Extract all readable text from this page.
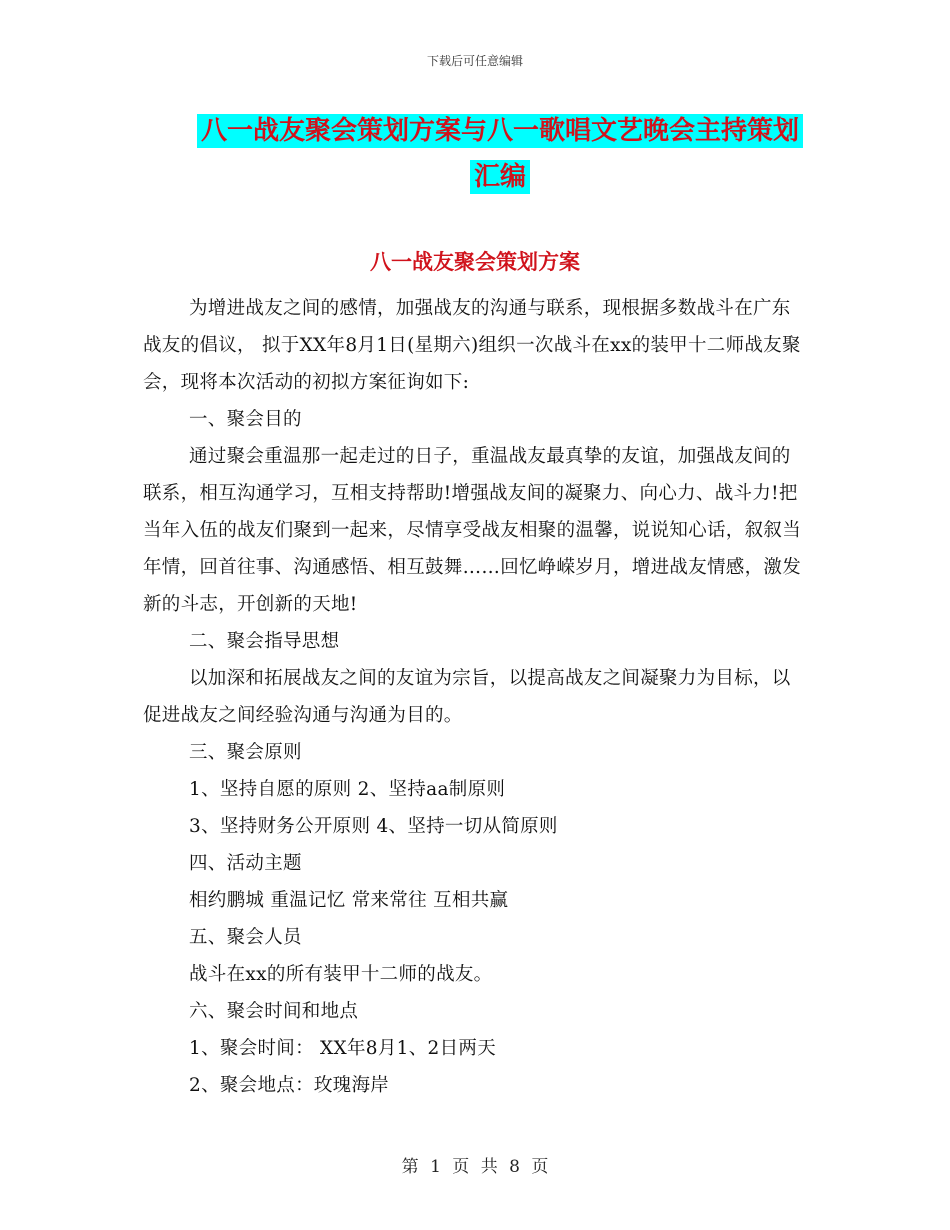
下载后可任意编辑
八一战友聚会策划方案与八一歌唱文艺晚会主持策划
汇编
八一战友聚会策划方案

为增进战友之间的感情，加强战友的沟通与联系，现根据多数战斗在广东战友的倡议， 拟于XX年8月1日(星期六)组织一次战斗在xx的装甲十二师战友聚会，现将本次活动的初拟方案征询如下:

一、聚会目的

通过聚会重温那一起走过的日子，重温战友最真挚的友谊，加强战友间的联系，相互沟通学习，互相支持帮助!增强战友间的凝聚力、向心力、战斗力!把当年入伍的战友们聚到一起来，尽情享受战友相聚的温馨，说说知心话，叙叙当年情，回首往事、沟通感悟、相互鼓舞……回忆峥嵘岁月，增进战友情感，激发新的斗志，开创新的天地!

二、聚会指导思想

以加深和拓展战友之间的友谊为宗旨，以提高战友之间凝聚力为目标，以促进战友之间经验沟通与沟通为目的。

三、聚会原则

1、坚持自愿的原则 2、坚持aa制原则

3、坚持财务公开原则 4、坚持一切从简原则

四、活动主题

相约鹏城 重温记忆 常来常往 互相共赢

五、聚会人员

战斗在xx的所有装甲十二师的战友。

六、聚会时间和地点

1、聚会时间： XX年8月1、2日两天

2、聚会地点：玫瑰海岸

第 1 页 共 8 页
